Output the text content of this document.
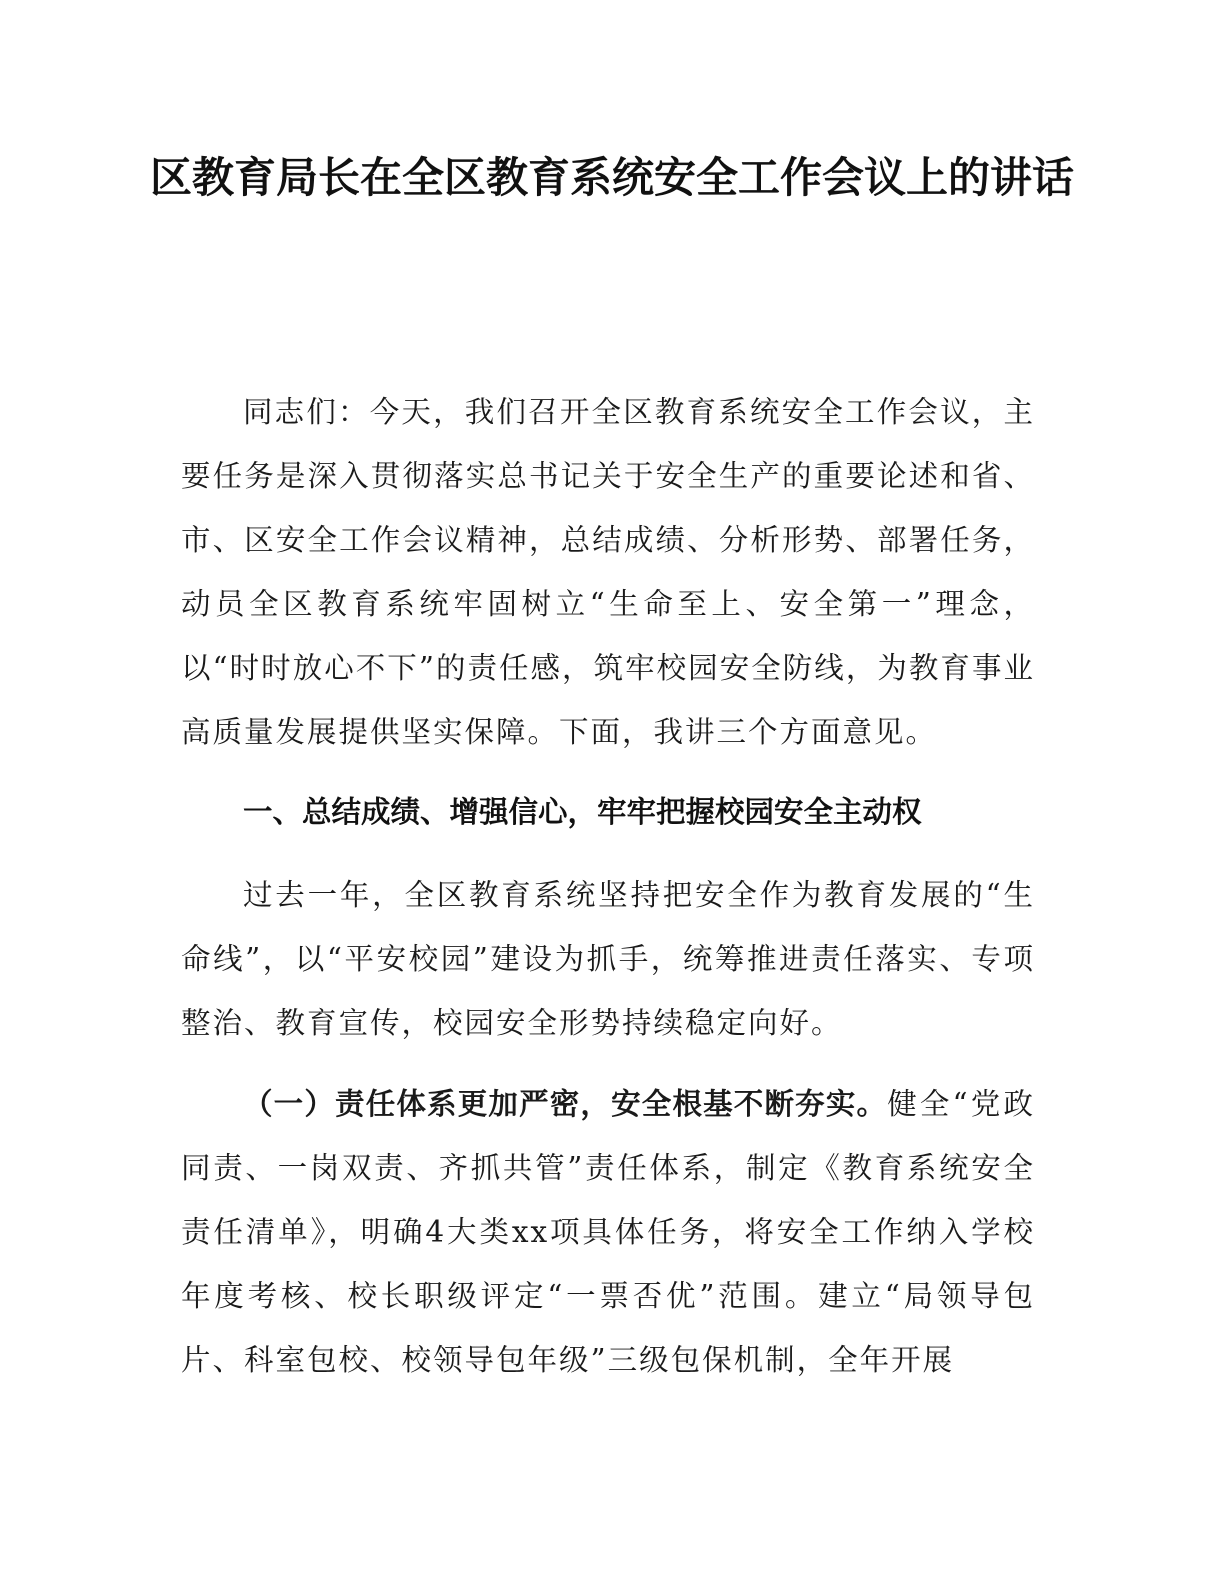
区教育局长在全区教育系统安全工作会议上的讲话

同志们：今天，我们召开全区教育系统安全工作会议，主要任务是深入贯彻落实总书记关于安全生产的重要论述和省、市、区安全工作会议精神，总结成绩、分析形势、部署任务，动员全区教育系统牢固树立“生命至上、安全第一”理念，以“时时放心不下”的责任感，筑牢校园安全防线，为教育事业高质量发展提供坚实保障。下面，我讲三个方面意见。

一、总结成绩、增强信心，牢牢把握校园安全主动权

过去一年，全区教育系统坚持把安全作为教育发展的“生命线”，以“平安校园”建设为抓手，统筹推进责任落实、专项整治、教育宣传，校园安全形势持续稳定向好。

（一）责任体系更加严密，安全根基不断夯实。健全“党政同责、一岗双责、齐抓共管”责任体系，制定《教育系统安全责任清单》，明确4大类xx项具体任务，将安全工作纳入学校年度考核、校长职级评定“一票否优”范围。建立“局领导包片、科室包校、校领导包年级”三级包保机制，全年开展
